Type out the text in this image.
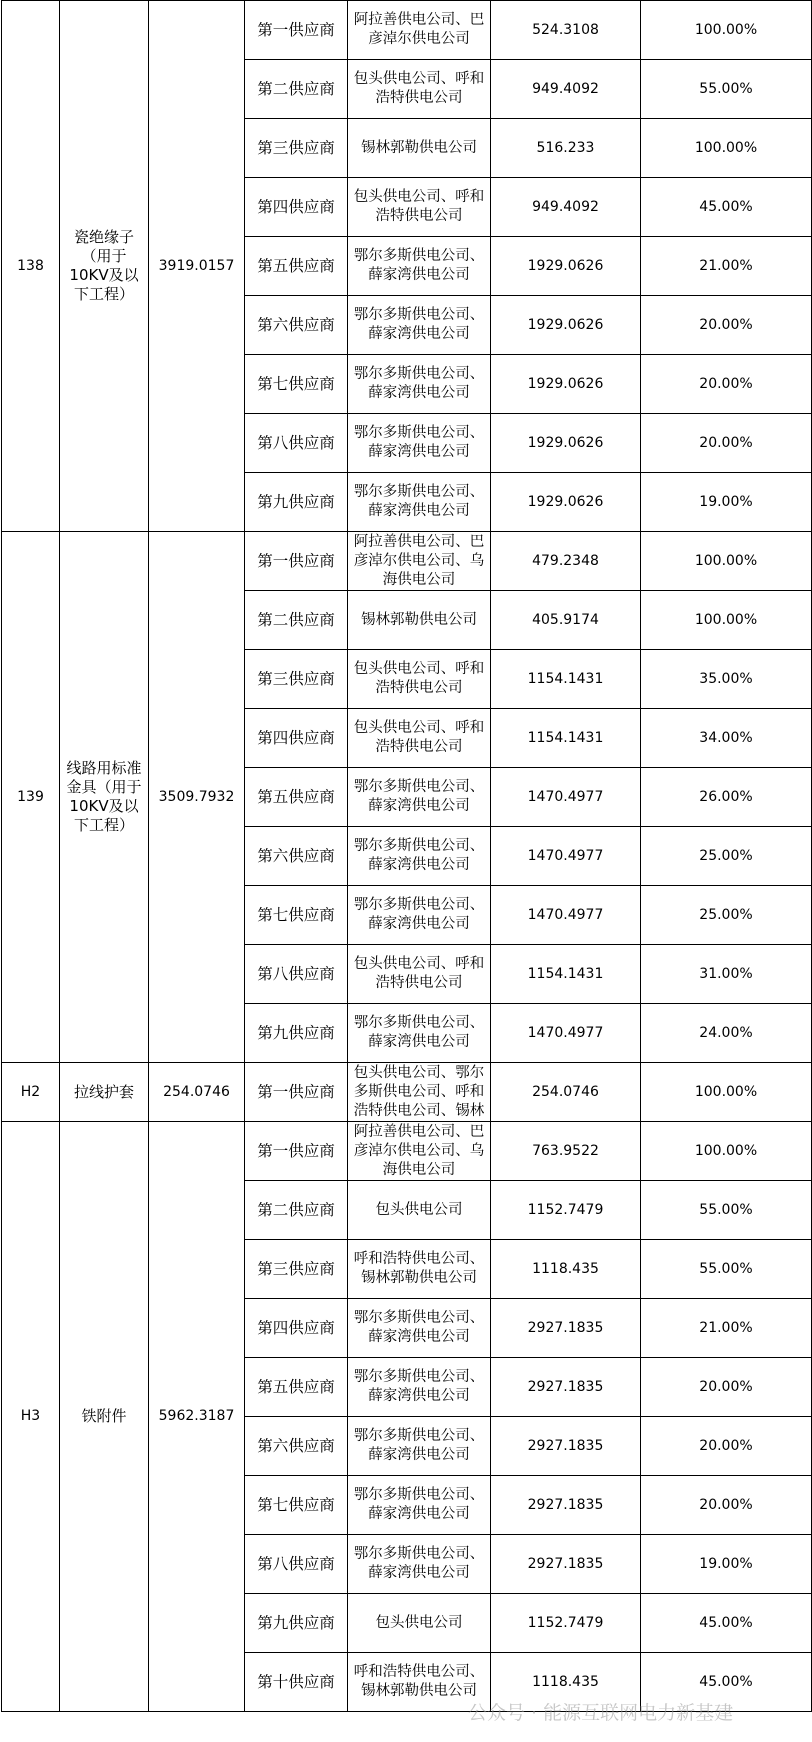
138	瓷绝缘子（用于10KV及以下工程）	3919.0157	第一供应商	阿拉善供电公司、巴彦淖尔供电公司	524.3108	100.00%	
			第二供应商	包头供电公司、呼和浩特供电公司	949.4092	55.00%	
			第三供应商	锡林郭勒供电公司	516.233	100.00%	
			第四供应商	包头供电公司、呼和浩特供电公司	949.4092	45.00%	
			第五供应商	鄂尔多斯供电公司、薛家湾供电公司	1929.0626	21.00%	
			第六供应商	鄂尔多斯供电公司、薛家湾供电公司	1929.0626	20.00%	
			第七供应商	鄂尔多斯供电公司、薛家湾供电公司	1929.0626	20.00%	
			第八供应商	鄂尔多斯供电公司、薛家湾供电公司	1929.0626	20.00%	
			第九供应商	鄂尔多斯供电公司、薛家湾供电公司	1929.0626	19.00%	
139	线路用标准金具（用于10KV及以下工程）	3509.7932	第一供应商	阿拉善供电公司、巴彦淖尔供电公司、乌海供电公司	479.2348	100.00%	
			第二供应商	锡林郭勒供电公司	405.9174	100.00%	
			第三供应商	包头供电公司、呼和浩特供电公司	1154.1431	35.00%	
			第四供应商	包头供电公司、呼和浩特供电公司	1154.1431	34.00%	
			第五供应商	鄂尔多斯供电公司、薛家湾供电公司	1470.4977	26.00%	
			第六供应商	鄂尔多斯供电公司、薛家湾供电公司	1470.4977	25.00%	
			第七供应商	鄂尔多斯供电公司、薛家湾供电公司	1470.4977	25.00%	
			第八供应商	包头供电公司、呼和浩特供电公司	1154.1431	31.00%	
			第九供应商	鄂尔多斯供电公司、薛家湾供电公司	1470.4977	24.00%	
H2	拉线护套	254.0746	第一供应商	包头供电公司、鄂尔多斯供电公司、呼和浩特供电公司、锡林	254.0746	100.00%	
H3	铁附件	5962.3187	第一供应商	阿拉善供电公司、巴彦淖尔供电公司、乌海供电公司	763.9522	100.00%	
			第二供应商	包头供电公司	1152.7479	55.00%	
			第三供应商	呼和浩特供电公司、锡林郭勒供电公司	1118.435	55.00%	
			第四供应商	鄂尔多斯供电公司、薛家湾供电公司	2927.1835	21.00%	
			第五供应商	鄂尔多斯供电公司、薛家湾供电公司	2927.1835	20.00%	
			第六供应商	鄂尔多斯供电公司、薛家湾供电公司	2927.1835	20.00%	
			第七供应商	鄂尔多斯供电公司、薛家湾供电公司	2927.1835	20.00%	
			第八供应商	鄂尔多斯供电公司、薛家湾供电公司	2927.1835	19.00%	
			第九供应商	包头供电公司	1152.7479	45.00%	
			第十供应商	呼和浩特供电公司、锡林郭勒供电公司	1118.435	45.00%	
公众号 · 能源互联网电力新基建
